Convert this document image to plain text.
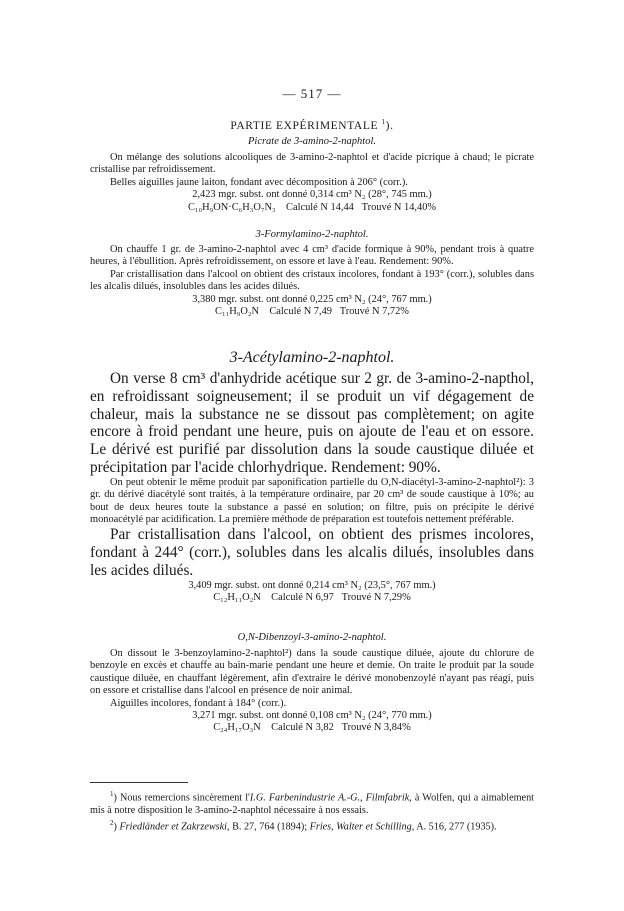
— 517 —
PARTIE EXPÉRIMENTALE $^1$).
Picrate de 3-amino-2-naphtol.

On mélange des solutions alcooliques de 3-amino-2-naphtol et d'acide picrique à chaud; le picrate cristallise par refroidissement.

Belles aiguilles jaune laiton, fondant avec décomposition à 206° (corr.).

2,423 mgr. subst. ont donné 0,314 cm³ N₂ (28°, 745 mm.)

C₁₀H₉ON·C₆H₃O₇N₃ Calculé N 14,44 Trouvé N 14,40%

3-Formylamino-2-naphtol.

On chauffe 1 gr. de 3-amino-2-naphtol avec 4 cm³ d'acide formique à 90%, pendant trois à quatre heures, à l'ébullition. Après refroidissement, on essore et lave à l'eau. Rendement: 90%.

Par cristallisation dans l'alcool on obtient des cristaux incolores, fondant à 193° (corr.), solubles dans les alcalis dilués, insolubles dans les acides dilués.

3,380 mgr. subst. ont donné 0,225 cm³ N₂ (24°, 767 mm.)

C₁₁H₉O₂N Calculé N 7,49 Trouvé N 7,72%

3-Acétylamino-2-naphtol.

On verse 8 cm³ d'anhydride acétique sur 2 gr. de 3-amino-2-napthol, en refroidissant soigneusement; il se produit un vif dégagement de chaleur, mais la substance ne se dissout pas complètement; on agite encore à froid pendant une heure, puis on ajoute de l'eau et on essore. Le dérivé est purifié par dissolution dans la soude caustique diluée et précipitation par l'acide chlorhydrique. Rendement: 90%.

On peut obtenir le même produit par saponification partielle du O,N-diacétyl-3-amino-2-naphtol²): 3 gr. du dérivé diacétylé sont traités, à la température ordinaire, par 20 cm³ de soude caustique à 10%; au bout de deux heures toute la substance a passé en solution; on filtre, puis on précipite le dérivé monoacétylé par acidification. La première méthode de préparation est toutefois nettement préférable.

Par cristallisation dans l'alcool, on obtient des prismes incolores, fondant à 244° (corr.), solubles dans les alcalis dilués, insolubles dans les acides dilués.

3,409 mgr. subst. ont donné 0,214 cm³ N₂ (23,5°, 767 mm.)

C₁₂H₁₁O₂N Calculé N 6,97 Trouvé N 7,29%

O,N-Dibenzoyl-3-amino-2-naphtol.

On dissout le 3-benzoylamino-2-naphtol²) dans la soude caustique diluée, ajoute du chlorure de benzoyle en excès et chauffe au bain-marie pendant une heure et demie. On traite le produit par la soude caustique diluée, en chauffant légèrement, afin d'extraire le dérivé monobenzoylé n'ayant pas réagi, puis on essore et cristallise dans l'alcool en présence de noir animal.

Aiguilles incolores, fondant à 184° (corr.).

3,271 mgr. subst. ont donné 0,108 cm³ N₂ (24°, 770 mm.)

C₂₄H₁₇O₃N Calculé N 3,82 Trouvé N 3,84%

$^1$) Nous remercions sincèrement l'I.G. Farbenindustrie A.-G., Filmfabrik, à Wolfen, qui a aimablement mis à notre disposition le 3-amino-2-naphtol nécessaire à nos essais.

$^2$) Friedländer et Zakrzewski, B. 27, 764 (1894); Fries, Walter et Schilling, A. 516, 277 (1935).
